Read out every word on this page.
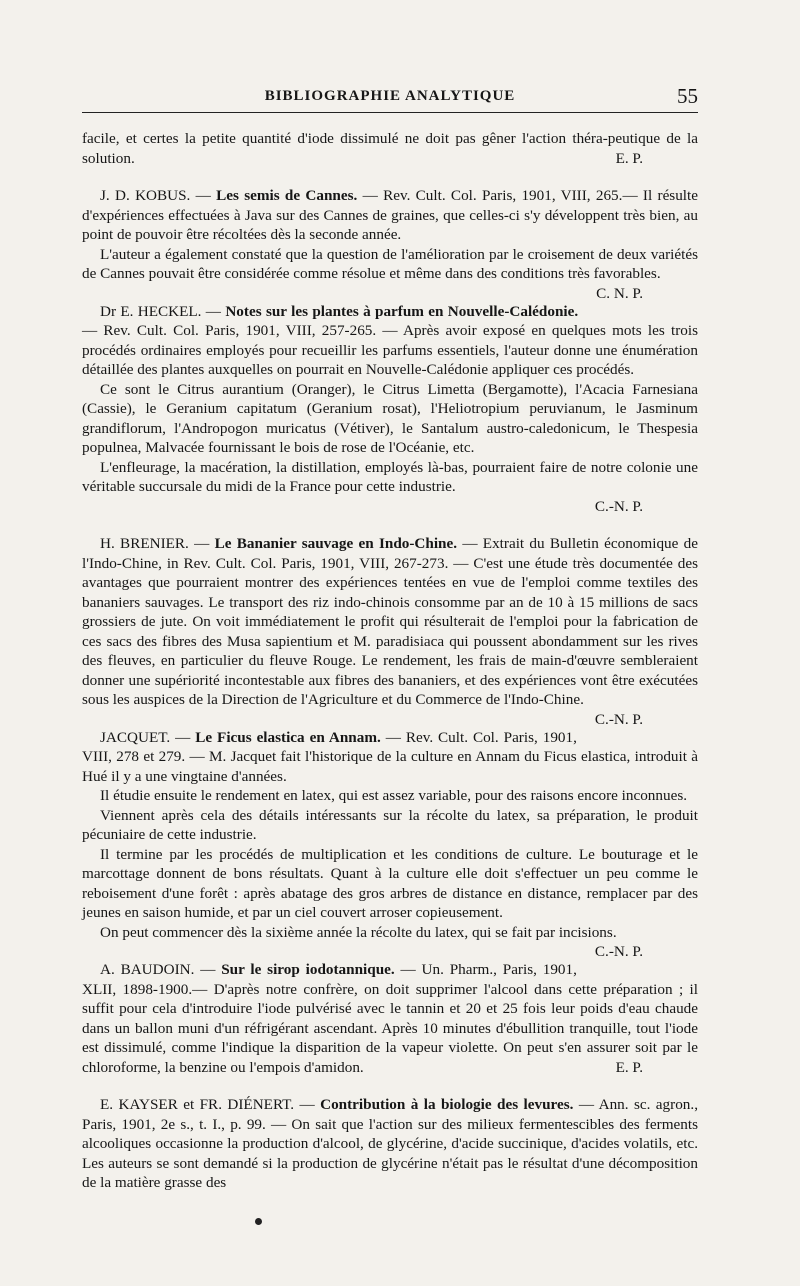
BIBLIOGRAPHIE ANALYTIQUE	55

facile, et certes la petite quantité d'iode dissimulé ne doit pas gêner l'action théra-peutique de la solution.	E. P.

J. D. KOBUS. — Les semis de Cannes. — Rev. Cult. Col. Paris, 1901, VIII, 265.— Il résulte d'expériences effectuées à Java sur des Cannes de graines, que celles-ci s'y développent très bien, au point de pouvoir être récoltées dès la seconde année.

L'auteur a également constaté que la question de l'amélioration par le croisement de deux variétés de Cannes pouvait être considérée comme résolue et même dans des conditions très favorables.
C. N. P.

Dr E. HECKEL. — Notes sur les plantes à parfum en Nouvelle-Calédonie. — Rev. Cult. Col. Paris, 1901, VIII, 257-265. — Après avoir exposé en quelques mots les trois procédés ordinaires employés pour recueillir les parfums essentiels, l'auteur donne une énumération détaillée des plantes auxquelles on pourrait en Nouvelle-Calédonie appliquer ces procédés.

Ce sont le Citrus aurantium (Oranger), le Citrus Limetta (Bergamotte), l'Acacia Farnesiana (Cassie), le Geranium capitatum (Geranium rosat), l'Heliotropium peruvianum, le Jasminum grandiflorum, l'Andropogon muricatus (Vétiver), le Santalum austro-caledonicum, le Thespesia populnea, Malvacée fournissant le bois de rose de l'Océanie, etc.

L'enfleurage, la macération, la distillation, employés là-bas, pourraient faire de notre colonie une véritable succursale du midi de la France pour cette industrie.

C.-N. P.

H. BRENIER. — Le Bananier sauvage en Indo-Chine. — Extrait du Bulletin économique de l'Indo-Chine, in Rev. Cult. Col. Paris, 1901, VIII, 267-273. — C'est une étude très documentée des avantages que pourraient montrer des expériences tentées en vue de l'emploi comme textiles des bananiers sauvages. Le transport des riz indo-chinois consomme par an de 10 à 15 millions de sacs grossiers de jute. On voit immédiatement le profit qui résulterait de l'emploi pour la fabrication de ces sacs des fibres des Musa sapientium et M. paradisiaca qui poussent abondamment sur les rives des fleuves, en particulier du fleuve Rouge. Le rendement, les frais de main-d'œuvre sembleraient donner une supériorité incontestable aux fibres des bananiers, et des expériences vont être exécutées sous les auspices de la Direction de l'Agriculture et du Commerce de l'Indo-Chine.
C.-N. P.

JACQUET. — Le Ficus elastica en Annam. — Rev. Cult. Col. Paris, 1901, VIII, 278 et 279. — M. Jacquet fait l'historique de la culture en Annam du Ficus elastica, introduit à Hué il y a une vingtaine d'années.

Il étudie ensuite le rendement en latex, qui est assez variable, pour des raisons encore inconnues.

Viennent après cela des détails intéressants sur la récolte du latex, sa préparation, le produit pécuniaire de cette industrie.

Il termine par les procédés de multiplication et les conditions de culture. Le bouturage et le marcottage donnent de bons résultats. Quant à la culture elle doit s'effectuer un peu comme le reboisement d'une forêt : après abatage des gros arbres de distance en distance, remplacer par des jeunes en saison humide, et par un ciel couvert arroser copieusement.

On peut commencer dès la sixième année la récolte du latex, qui se fait par incisions.
C.-N. P.

A. BAUDOIN. — Sur le sirop iodotannique. — Un. Pharm., Paris, 1901, XLII, 1898-1900.— D'après notre confrère, on doit supprimer l'alcool dans cette préparation ; il suffit pour cela d'introduire l'iode pulvérisé avec le tannin et 20 et 25 fois leur poids d'eau chaude dans un ballon muni d'un réfrigérant ascendant. Après 10 minutes d'ébullition tranquille, tout l'iode est dissimulé, comme l'indique la disparition de la vapeur violette. On peut s'en assurer soit par le chloroforme, la benzine ou l'empois d'amidon.	E. P.

E. KAYSER et FR. DIÉNERT. — Contribution à la biologie des levures. — Ann. sc. agron., Paris, 1901, 2e s., t. I., p. 99. — On sait que l'action sur des milieux fermentescibles des ferments alcooliques occasionne la production d'alcool, de glycérine, d'acide succinique, d'acides volatils, etc. Les auteurs se sont demandé si la production de glycérine n'était pas le résultat d'une décomposition de la matière grasse des
